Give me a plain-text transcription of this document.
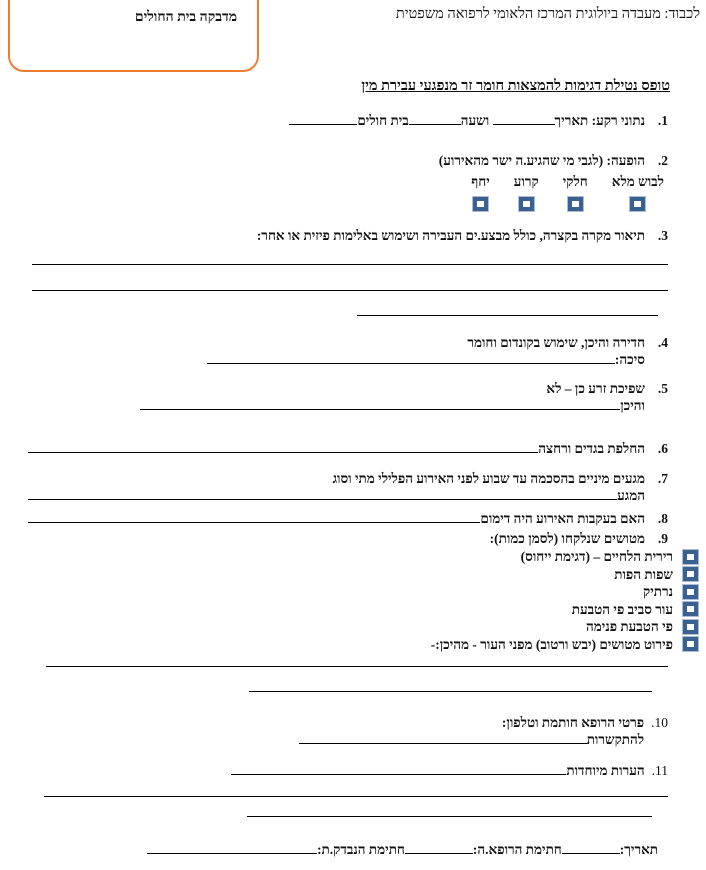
לכבוד: מעבדה ביולוגית המרכז הלאומי לרפואה משפטית
מדבקה בית החולים
טופס נטילת דגימות להמצאות חומר זר מנפגעי עבירת מין
1.
נתוני רקע: תאריך ושעהבית חולים
2.
הופעה: (לגבי מי שהגיע.ה ישר מהאירוע)
לבוש מלא
חלקי
קרוע
יחף
3.
תיאור מקרה בקצרה, כולל מבצע.ים העבירה ושימוש באלימות פיזית או אחר:
4.
חדירה והיכן, שימוש בקונדום וחומר
סיכה:
5.
שפיכת זרע כן – לא
והיכן
6.
החלפת בגדים ורחצה
7.
מגעים מיניים בהסכמה עד שבוע לפני האירוע הפלילי מתי וסוג
המגע
8.
האם בעקבות האירוע היה דימום
9.
מטושים שנלקחו (לסמן כמות):
רירית הלחיים – (דגימת ייחוס)
שפות הפות
נרתיק
עור סביב פי הטבעת
פי הטבעת פנימה
פירוט מטושים (יבש ורטוב) מפני העור - מהיכן:-
10.
פרטי הרופא חותמת וטלפון:
להתקשרות
11.
הערות מיוחדות
תאריך:
חתימת הרופא.ה:
חתימת הנבדק.ת:
